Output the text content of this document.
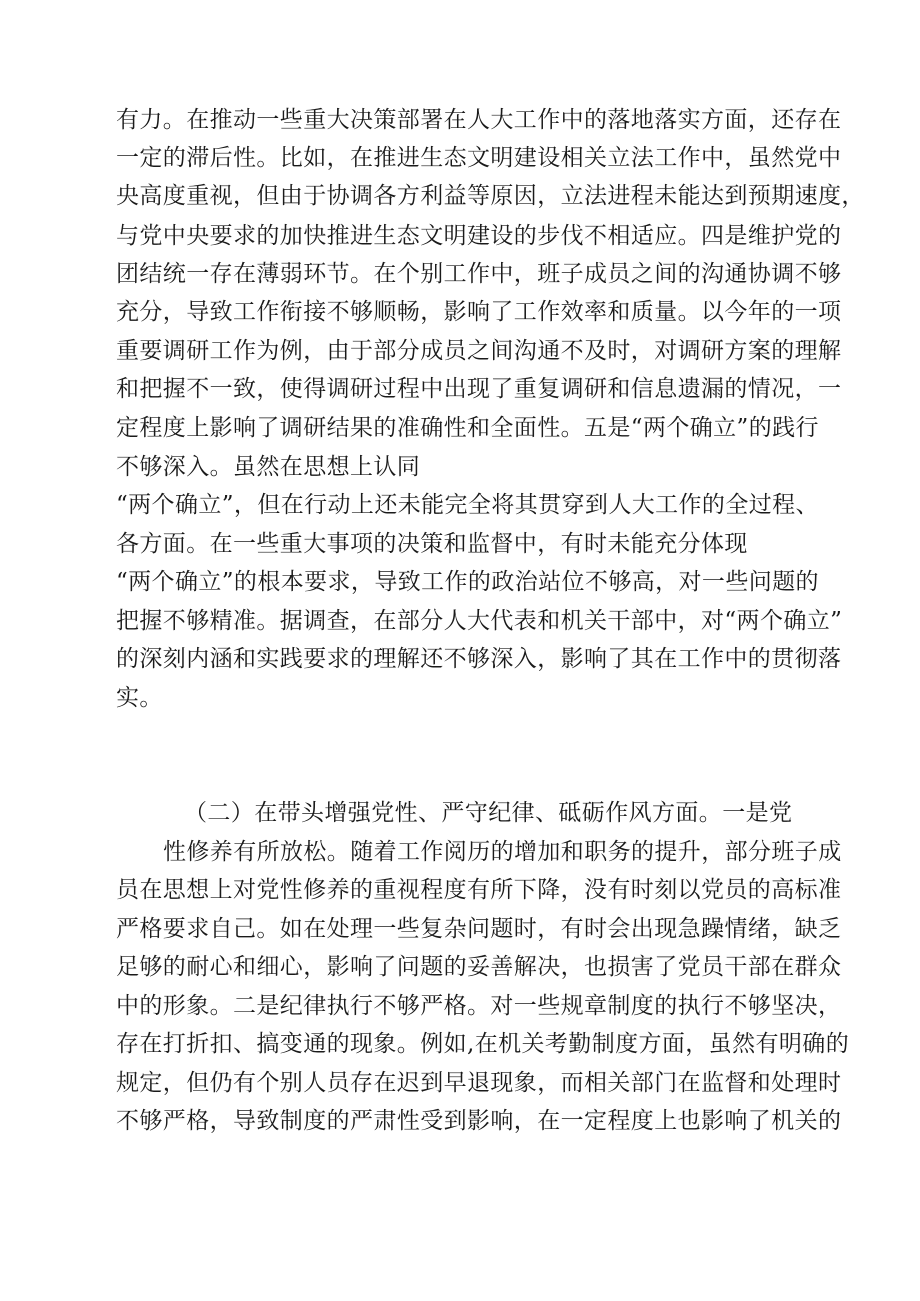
有力。在推动一些重大决策部署在人大工作中的落地落实方面，还存在
一定的滞后性。比如，在推进生态文明建设相关立法工作中，虽然党中
央高度重视，但由于协调各方利益等原因，立法进程未能达到预期速度，
与党中央要求的加快推进生态文明建设的步伐不相适应。四是维护党的
团结统一存在薄弱环节。在个别工作中，班子成员之间的沟通协调不够
充分，导致工作衔接不够顺畅，影响了工作效率和质量。以今年的一项
重要调研工作为例，由于部分成员之间沟通不及时，对调研方案的理解
和把握不一致，使得调研过程中出现了重复调研和信息遗漏的情况，一
定程度上影响了调研结果的准确性和全面性。五是“两个确立”的践行
不够深入。虽然在思想上认同
“两个确立”，但在行动上还未能完全将其贯穿到人大工作的全过程、
各方面。在一些重大事项的决策和监督中，有时未能充分体现
“两个确立”的根本要求，导致工作的政治站位不够高，对一些问题的
把握不够精准。据调查，在部分人大代表和机关干部中，对“两个确立”
的深刻内涵和实践要求的理解还不够深入，影响了其在工作中的贯彻落
实。
（二）在带头增强党性、严守纪律、砥砺作风方面。一是党
性修养有所放松。随着工作阅历的增加和职务的提升，部分班子成
员在思想上对党性修养的重视程度有所下降，没有时刻以党员的高标准
严格要求自己。如在处理一些复杂问题时，有时会出现急躁情绪，缺乏
足够的耐心和细心，影响了问题的妥善解决，也损害了党员干部在群众
中的形象。二是纪律执行不够严格。对一些规章制度的执行不够坚决，
存在打折扣、搞变通的现象。例如,在机关考勤制度方面，虽然有明确的
规定，但仍有个别人员存在迟到早退现象，而相关部门在监督和处理时
不够严格，导致制度的严肃性受到影响，在一定程度上也影响了机关的
